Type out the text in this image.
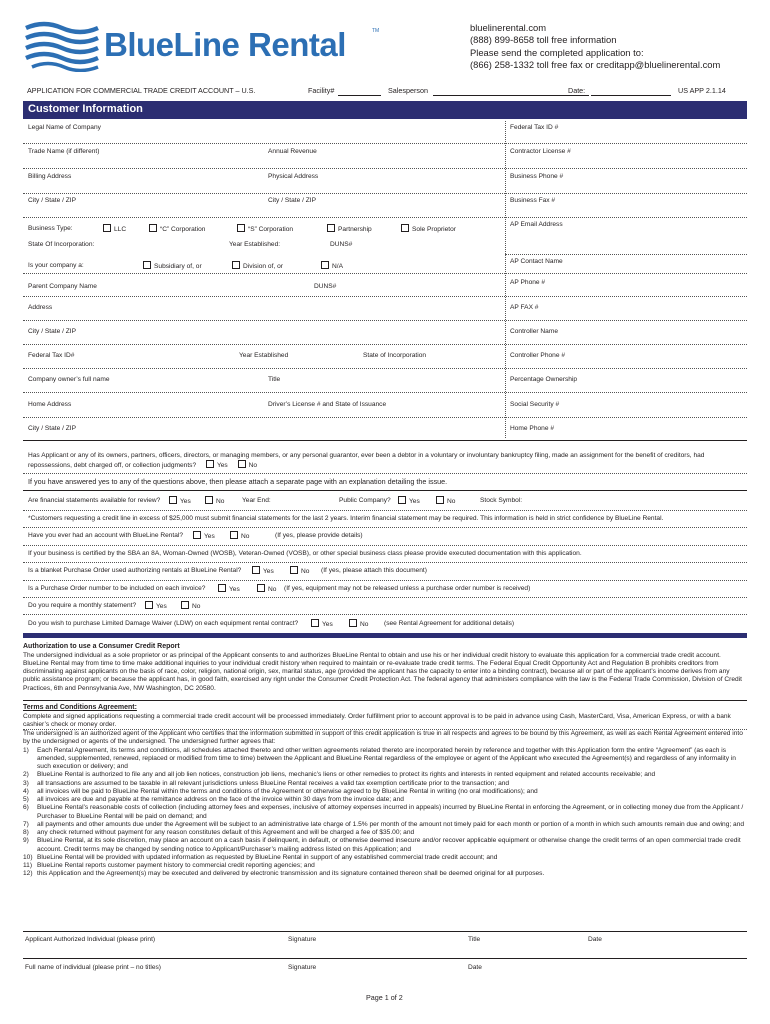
BlueLine Rental	TM	bluelinerental.com
(888) 899-8658 toll free information
Please send the completed application to:
(866) 258-1332 toll free fax or creditapp@bluelinerental.com
APPLICATION FOR COMMERCIAL TRADE CREDIT ACCOUNT – U.S.	Facility#	Salesperson	Date:	US APP 2.1.14
Customer Information
Legal Name of Company	Federal Tax ID #
Trade Name (if different)	Annual Revenue	Contractor License #
Billing Address	Physical Address	Business Phone #
City / State / ZIP	City / State / ZIP	Business Fax #
Business Type:	LLC	“C” Corporation	“S” Corporation	Partnership	Sole Proprietor
AP Email Address
State Of Incorporation:	Year Established:	DUNS#
Is your company a:	Subsidiary of, or	Division of, or	N/A
AP Contact Name
Parent Company Name	DUNS#
AP Phone #
Address	AP FAX #
City / State / ZIP	Controller Name
Federal Tax ID#	Year Established	State of Incorporation	Controller Phone #
Company owner’s full name	Title	Percentage Ownership
Home Address	Driver’s License # and State of Issuance	Social Security #
City / State / ZIP	Home Phone #
Has Applicant or any of its owners, partners, officers, directors, or managing members, or any personal guarantor, ever been a debtor in a voluntary or involuntary bankruptcy filing, made an assignment for the benefit of creditors, had repossessions, debt charged off, or collection judgments?	Yes	No
If you have answered yes to any of the questions above, then please attach a separate page with an explanation detailing the issue.
Are financial statements available for review?	Yes	No	Year End:	Public Company?	Yes	No	Stock Symbol:
*Customers requesting a credit line in excess of $25,000 must submit financial statements for the last 2 years. Interim financial statement may be required. This information is held in strict confidence by BlueLine Rental.
Have you ever had an account with BlueLine Rental?	Yes	No	(If yes, please provide details)
If your business is certified by the SBA an 8A, Woman-Owned (WOSB), Veteran-Owned (VOSB), or other special business class please provide executed documentation with this application.
Is a blanket Purchase Order used authorizing rentals at BlueLine Rental?	Yes	No (If yes, please attach this document)
Is a Purchase Order number to be included on each invoice?	Yes	No (If yes, equipment may not be released unless a purchase order number is received)
Do you require a monthly statement?	Yes	No
Do you wish to purchase Limited Damage Waiver (LDW) on each equipment rental contract?	Yes	No (see Rental Agreement for additional details)
Authorization to use a Consumer Credit Report
The undersigned individual as a sole proprietor or as principal of the Applicant consents to and authorizes BlueLine Rental to obtain and use his or her individual credit history to evaluate this application for a commercial trade credit account. BlueLine Rental may from time to time make additional inquiries to your individual credit history when required to maintain or re-evaluate trade credit terms. The Federal Equal Credit Opportunity Act and Regulation B prohibits creditors from discriminating against applicants on the basis of race, color, religion, national origin, sex, marital status, age (provided the applicant has the capacity to enter into a binding contract), because all or part of the applicant’s income derives from any public assistance program; or because the applicant has, in good faith, exercised any right under the Consumer Credit Protection Act. The federal agency that administers compliance with the law is the Federal Trade Commission, Division of Credit Practices, 6th and Pennsylvania Ave, NW Washington, DC 20580.
Terms and Conditions Agreement:
Complete and signed applications requesting a commercial trade credit account will be processed immediately. Order fulfillment prior to account approval is to be paid in advance using Cash, MasterCard, Visa, American Express, or with a bank cashier’s check or money order.
The undersigned is an authorized agent of the Applicant who certifies that the information submitted in support of this credit application is true in all respects and agrees to be bound by this Agreement, as well as each Rental Agreement entered into by the undersigned or agents of the undersigned. The undersigned further agrees that:
1) Each Rental Agreement, its terms and conditions, all schedules attached thereto and other written agreements related thereto are incorporated herein by reference and together with this Application form the entire “Agreement” (as each is amended, supplemented, renewed, replaced or modified from time to time) between the Applicant and BlueLine Rental regardless of the employee or agent of the Applicant who executed the Agreement(s) and regardless of any informality in such execution or delivery; and
2) BlueLine Rental is authorized to file any and all job lien notices, construction job liens, mechanic’s liens or other remedies to protect its rights and interests in rented equipment and related accounts receivable; and
3) all transactions are assumed to be taxable in all relevant jurisdictions unless BlueLine Rental receives a valid tax exemption certificate prior to the transaction; and
4) all invoices will be paid to BlueLine Rental within the terms and conditions of the Agreement or otherwise agreed to by BlueLine Rental in writing (no oral modifications); and
5) all invoices are due and payable at the remittance address on the face of the invoice within 30 days from the invoice date; and
6) BlueLine Rental’s reasonable costs of collection (including attorney fees and expenses, inclusive of attorney expenses incurred in appeals) incurred by BlueLine Rental in enforcing the Agreement, or in collecting money due from the Applicant / Purchaser to BlueLine Rental will be paid on demand; and
7) all payments and other amounts due under the Agreement will be subject to an administrative late charge of 1.5% per month of the amount not timely paid for each month or portion of a month in which such amounts remain due and owing; and
8) any check returned without payment for any reason constitutes default of this Agreement and will be charged a fee of $35.00; and
9) BlueLine Rental, at its sole discretion, may place an account on a cash basis if delinquent, in default, or otherwise deemed insecure and/or recover applicable equipment or otherwise change the credit terms of an open commercial trade credit account. Credit terms may be changed by sending notice to Applicant/Purchaser’s mailing address listed on this Application; and
10) BlueLine Rental will be provided with updated information as requested by BlueLine Rental in support of any established commercial trade credit account; and
11) BlueLine Rental reports customer payment history to commercial credit reporting agencies; and
12) this Application and the Agreement(s) may be executed and delivered by electronic transmission and its signature contained thereon shall be deemed original for all purposes.
Applicant Authorized Individual (please print)	Signature	Title	Date
Full name of individual (please print – no titles)	Signature	Date
Page 1 of 2
